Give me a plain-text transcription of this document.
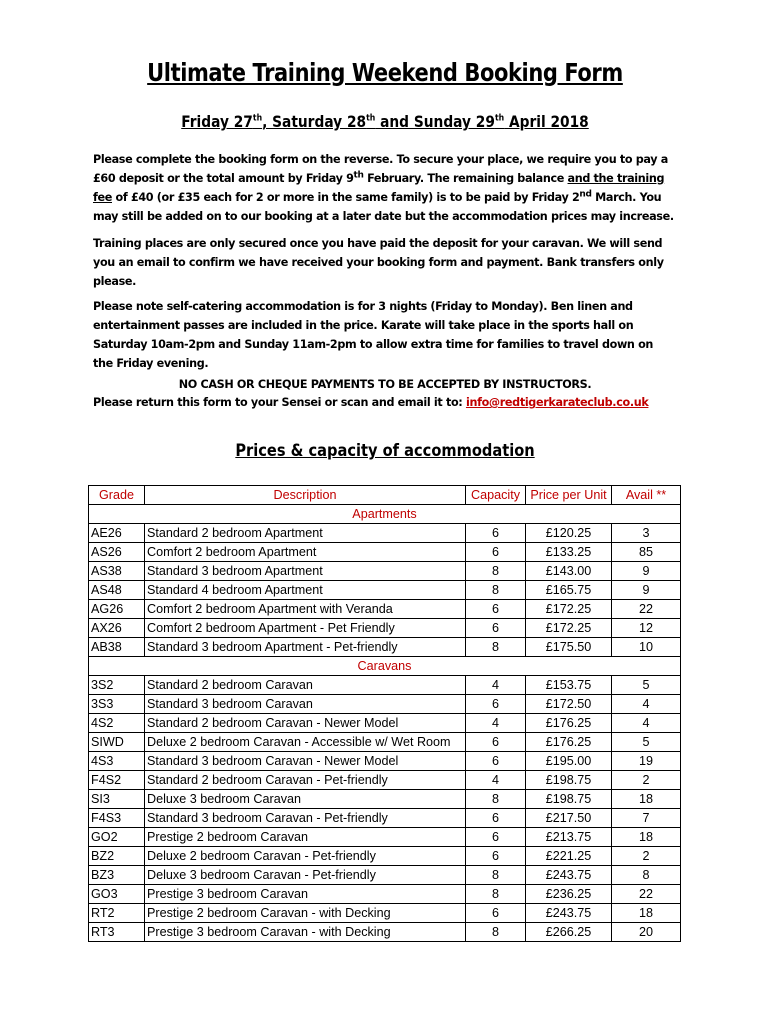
Ultimate Training Weekend Booking Form
Friday 27th, Saturday 28th and Sunday 29th April 2018
Please complete the booking form on the reverse. To secure your place, we require you to pay a £60 deposit or the total amount by Friday 9th February. The remaining balance and the training fee of £40 (or £35 each for 2 or more in the same family) is to be paid by Friday 2nd March. You may still be added on to our booking at a later date but the accommodation prices may increase.
Training places are only secured once you have paid the deposit for your caravan. We will send you an email to confirm we have received your booking form and payment. Bank transfers only please.
Please note self-catering accommodation is for 3 nights (Friday to Monday). Ben linen and entertainment passes are included in the price. Karate will take place in the sports hall on Saturday 10am-2pm and Sunday 11am-2pm to allow extra time for families to travel down on the Friday evening.
NO CASH OR CHEQUE PAYMENTS TO BE ACCEPTED BY INSTRUCTORS.
Please return this form to your Sensei or scan and email it to: info@redtigerkarateclub.co.uk
Prices & capacity of accommodation
Grade	Description	Capacity	Price per Unit	Avail **
Apartments				
AE26	Standard 2 bedroom Apartment	6	£120.25	3
AS26	Comfort 2 bedroom Apartment	6	£133.25	85
AS38	Standard 3 bedroom Apartment	8	£143.00	9
AS48	Standard 4 bedroom Apartment	8	£165.75	9
AG26	Comfort 2 bedroom Apartment with Veranda	6	£172.25	22
AX26	Comfort 2 bedroom Apartment - Pet Friendly	6	£172.25	12
AB38	Standard 3 bedroom Apartment - Pet-friendly	8	£175.50	10
Caravans				
3S2	Standard 2 bedroom Caravan	4	£153.75	5
3S3	Standard 3 bedroom Caravan	6	£172.50	4
4S2	Standard 2 bedroom Caravan - Newer Model	4	£176.25	4
SIWD	Deluxe 2 bedroom Caravan - Accessible w/ Wet Room	6	£176.25	5
4S3	Standard 3 bedroom Caravan - Newer Model	6	£195.00	19
F4S2	Standard 2 bedroom Caravan - Pet-friendly	4	£198.75	2
SI3	Deluxe 3 bedroom Caravan	8	£198.75	18
F4S3	Standard 3 bedroom Caravan - Pet-friendly	6	£217.50	7
GO2	Prestige 2 bedroom Caravan	6	£213.75	18
BZ2	Deluxe 2 bedroom Caravan - Pet-friendly	6	£221.25	2
BZ3	Deluxe 3 bedroom Caravan - Pet-friendly	8	£243.75	8
GO3	Prestige 3 bedroom Caravan	8	£236.25	22
RT2	Prestige 2 bedroom Caravan - with Decking	6	£243.75	18
RT3	Prestige 3 bedroom Caravan - with Decking	8	£266.25	20
